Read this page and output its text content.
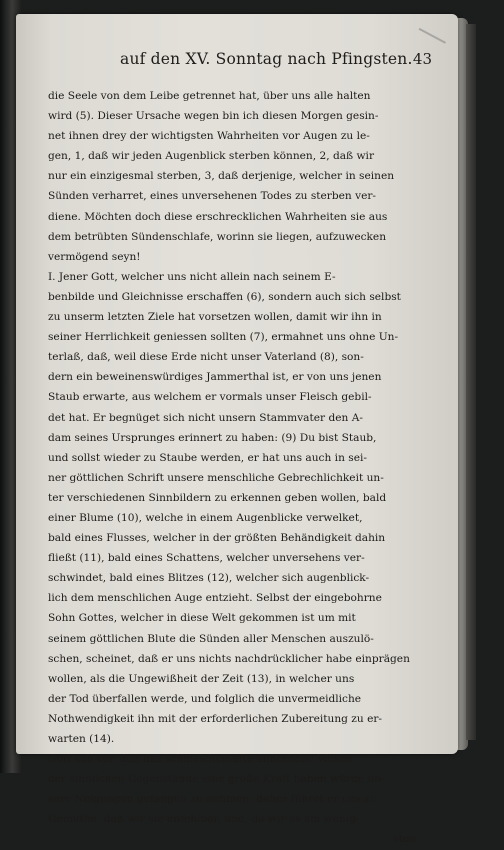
auf den XV. Sonntag nach Pfingsten. 43
die Seele von dem Leibe getrennet hat, über uns alle halten
wird (5). Dieser Ursache wegen bin ich diesen Morgen gesin-
net ihnen drey der wichtigsten Wahrheiten vor Augen zu le-
gen, 1, daß wir jeden Augenblick sterben können, 2, daß wir
nur ein einzigesmal sterben, 3, daß derjenige, welcher in seinen
Sünden verharret, eines unversehenen Todes zu sterben ver-
diene. Möchten doch diese erschrecklichen Wahrheiten sie aus
dem betrübten Sündenschlafe, worinn sie liegen, aufzuwecken
vermögend seyn!
I. Jener Gott, welcher uns nicht allein nach seinem E-
benbilde und Gleichnisse erschaffen (6), sondern auch sich selbst
zu unserm letzten Ziele hat vorsetzen wollen, damit wir ihn in
seiner Herrlichkeit geniessen sollten (7), ermahnet uns ohne Un-
terlaß, daß, weil diese Erde nicht unser Vaterland (8), son-
dern ein beweinenswürdiges Jammerthal ist, er von uns jenen
Staub erwarte, aus welchem er vormals unser Fleisch gebil-
det hat. Er begnüget sich nicht unsern Stammvater den A-
dam seines Ursprunges erinnert zu haben: (9) Du bist Staub,
und sollst wieder zu Staube werden, er hat uns auch in sei-
ner göttlichen Schrift unsere menschliche Gebrechlichkeit un-
ter verschiedenen Sinnbildern zu erkennen geben wollen, bald
einer Blume (10), welche in einem Augenblicke verwelket,
bald eines Flusses, welcher in der größten Behändigkeit dahin
fließt (11), bald eines Schattens, welcher unversehens ver-
schwindet, bald eines Blitzes (12), welcher sich augenblick-
lich dem menschlichen Auge entzieht. Selbst der eingebohrne
Sohn Gottes, welcher in diese Welt gekommen ist um mit
seinem göttlichen Blute die Sünden aller Menschen auszulö-
schen, scheinet, daß er uns nichts nachdrücklicher habe einprägen
wollen, als die Ungewißheit der Zeit (13), in welcher uns
der Tod überfallen werde, und folglich die unvermeidliche
Nothwendigkeit ihn mit der erforderlichen Zubereitung zu er-
warten (14).
Gott sah vor, daß das schmeichelhafte äußerliche Wesen
der sinnlichen Gegenstände eine große Kraft haben würde un-
sere Neigungen gefangen zu nehmen: daher führet er uns zu
Gemüthe, daß wir sie unfehlbar, und, da wir es am wenig-
sten
